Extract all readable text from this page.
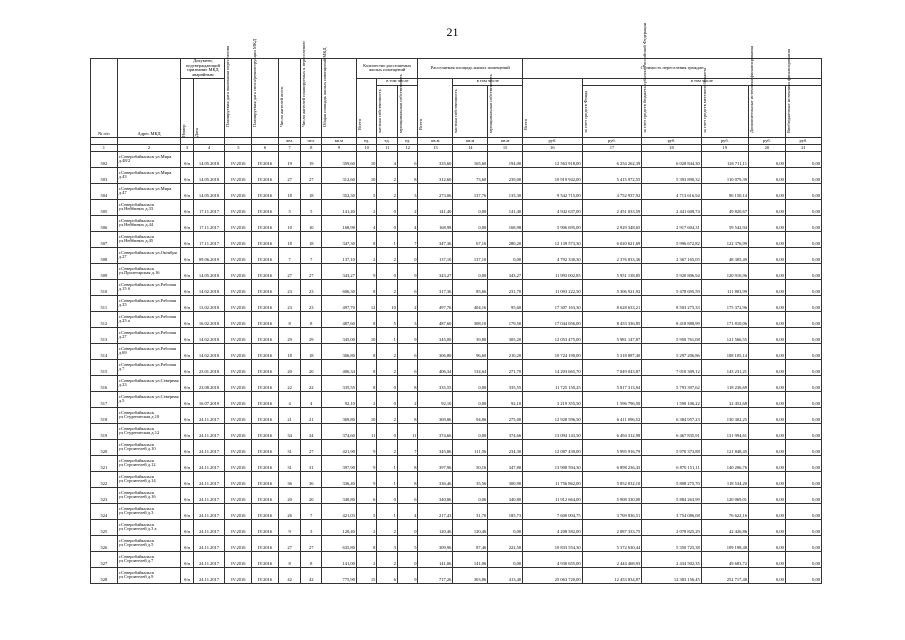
21
№ п/п	Адрес МКД	Документ, подтверждающий признание МКД аварийным		Планируемая дата окончания переселения	Планируемая дата сноса/реконструкции МКД	Число жителей всего	Число жителей планируемых к переселению	Общая площадь жилых помещений МКД	Количество расселяемых жилых помещений			Расселяемая площадь жилых помещений			Стоимость переселения граждан					

		Номер	Дата						Всего	в том числе		Всего	в том числе		Всего	в том числе				

										частная собственность	муниципальная собственность		частная собственность	муниципальная собственность		за счет средств Фонда	за счет средств бюджета субъекта Российской Федерации	за счет средств местного бюджета	Дополнительные источники финансирования	Внебюджетные источники финансирования

						чел.	чел.	кв.м	ед.	ед.	ед.	кв.м	кв.м	кв.м	руб.	руб.	руб.	руб.	руб.	руб.
1	2	3	4	5	6	7	8	9	10	11	12	13	14	15	16	17	18	19	20	21
502	г.Северобайкальск ул.Мира д.48/2	б/н	14.05.2018	IV.2016	IV.2016	19	19	359,60	10	4	6	335,60	165,60	194,00	12 563 918,00	6 254 262,39	6 028 844,30	126 711,11	0,00	0,00
503	г.Северобайкальск ул.Мира д.43	б/н	14.05.2018	IV.2016	IV.2016	27	27	312,60	10	2	8	312,60	73,60	239,00	10 919 942,00	5 415 972,55	5 393 890,32	110 079,39	0,00	0,00
504	г.Северобайкальск ул.Мира д.47	б/н	14.05.2018	IV.2016	IV.2016	18	18	352,30	5	2	3	273,06	137,76	135,30	9 542 715,00	4 752 937,92	4 713 616,94	96 150,14	0,00	0,00
505	г.Северобайкальск ул.Нейбиных д.33	б/н	17.11.2017	IV.2016	IV.2016	5	5	141,40	2	0	2	141,40	0,00	141,40	4 942 637,00	2 451 033,59	2 441 608,74	49 820,67	0,00	0,00
506	г.Северобайкальск ул.Нейбиных д.44	б/н	17.11.2017	IV.2016	IV.2016	10	10	168,98	4	0	4	168,98	0,00	168,98	5 906 695,00	2 929 348,65	2 917 604,31	59 542,94	0,00	0,00
507	г.Северобайкальск ул.Нейбиных д.45	б/н	17.11.2017	IV.2016	IV.2016	18	18	347,30	8	1	7	347,36	67,16	280,20	12 139 573,30	6 020 621,69	5 996 672,82	122 376,99	0,00	0,00
508	г.Северобайкальск ул.Октября д.27	б/н	09.06.2019	IV.2016	IV.2016	7	7	137,10	2	2	0	137,10	137,10	0,00	4 792 330,30	2 376 833,36	2 367 165,05	48 305,49	0,00	0,00
509	г.Северобайкальск ул.Пролетарская д.16	б/н	14.05.2018	IV.2016	IV.2016	27	27	343,27	9	0	9	343,27	0,00	343,27	11 993 002,85	5 951 138,85	5 920 806,94	120 916,96	0,00	0,00
510	г.Северобайкальск ул.Рабочая д.15 б	б/н	14.02.2018	IV.2016	IV.2016	23	23	606,30	8	2	6	317,36	85,66	231,70	11 093 222,50	5 306 921,92	5 478 695,59	111 803,99	0,00	0,00
511	г.Северобайкальск ул.Рабочая д.25	б/н	13.02.2018	IV.2016	IV.2016	23	23	497,70	12	10	2	497,76	404,16	95,60	17 307 163,30	8 628 633,21	8 503 275,33	175 372,96	0,00	0,00
512	г.Северобайкальск ул.Рабочая д.25 а	б/н	16.02.2018	IV.2016	IV.2016	8	8	487,60	8	5	3	487,60	308,10	179,50	17 044 056,00	8 453 336,85	8 418 888,99	171 810,06	0,00	0,00
513	г.Северобайкальск ул.Рабочая д.27	б/н	14.02.2018	IV.2016	IV.2016	29	29	345,00	10	1	9	345,00	39,80	305,20	12 053 475,00	5 981 147,87	5 950 761,08	121 566,55	0,00	0,00
514	г.Северобайкальск ул.Рабочая д.69	б/н	14.02.2018	IV.2016	IV.2016	18	18	306,80	8	2	6	306,80	96,60	210,20	10 724 190,00	5 318 887,40	5 297 206,86	108 105,14	0,00	0,00
515	г.Северобайкальск ул.Рабочая д.7	б/н	23.01.2018	IV.2016	IV.2016	20	20	406,34	8	2	6	406,34	134,64	271,70	14 203 665,70	7 049 043,87	7 010 309,12	143 231,21	0,00	0,00
516	г.Северобайкальск ул.Северная д.23	б/н	23.08.2018	IV.2016	IV.2016	22	22	335,55	8	0	8	335,55	0,00	335,55	11 725 150,25	5 817 313,94	5 793 397,62	118 236,69	0,00	0,00
517	г.Северобайкальск ул.Северная д.5	б/н	16.07.2019	IV.2016	IV.2016	4	4	92,10	2	0	2	92,10	0,00	92,10	3 219 355,50	1 596 796,50	1 590 106,22	32 452,68	0,00	0,00
518	г.Северобайкальск ул.Студенческая д.10	б/н	24.11.2017	IV.2016	IV.2016	21	21	369,80	10	2	8	369,86	94,86	275,00	12 928 596,50	6 411 096,52	6 384 957,23	130 302,25	0,00	0,00
519	г.Северобайкальск ул.Студенческая д.12	б/н	24.11.2017	IV.2016	IV.2016	34	34	374,60	11	0	11	374,66	0,00	374,66	13 094 143,50	6 494 312,98	6 467 835,91	131 994,61	0,00	0,00
520	г.Северобайкальск ул.Строителей д.10	б/н	24.11.2017	IV.2016	IV.2016	31	27	421,90	9	2	7	345,86	111,56	234,30	12 087 439,00	5 995 916,79	5 970 373,88	121 848,45	0,00	0,00
521	г.Северобайкальск ул.Строителей д.12	б/н	24.11.2017	IV.2016	IV.2016	31	31	397,90	9	1	8	397,96	50,16	347,80	13 908 594,30	6 898 236,43	6 870 151,11	140 206,76	0,00	0,00
522	г.Северобайкальск ул.Строителей д.14	б/н	24.11.2017	IV.2016	IV.2016	36	36	336,40	9	1	8	336,46	35,56	300,90	11 756 862,00	5 852 032,10	5 808 275,70	118 534,20	0,00	0,00
523	г.Северобайкальск ул.Строителей д.16	б/н	24.11.2017	IV.2016	IV.2016	20	20	340,80	6	0	6	340,86	0,06	340,80	11 912 664,00	5 908 330,00	5 884 263,99	120 069,01	0,00	0,00
524	г.Северобайкальск ул.Строителей д.3	б/н	24.11.2017	IV.2016	IV.2016	26	7	421,03	5	1	4	217,43	31,70	185,73	7 600 004,75	3 769 836,51	3 754 086,08	76 622,16	0,00	0,00
525	г.Северобайкальск ул.Строителей д.3 а	б/н	24.11.2017	IV.2016	IV.2016	9	3	120,40	2	2	0	120,46	120,46	0,00	4 208 582,00	2 087 333,75	2 078 825,29	42 426,86	0,00	0,00
526	г.Северобайкальск ул.Строителей д.5	б/н	24.11.2017	IV.2016	IV.2016	27	27	635,80	8	3	5	309,96	87,46	222,50	10 833 554,30	5 372 630,44	5 350 725,38	109 198,48	0,00	0,00
527	г.Северобайкальск ул.Строителей д.7	б/н	24.11.2017	IV.2016	IV.2016	8	8	141,00	2	2	0	141,06	141,06	0,00	4 930 655,00	2 444 468,93	2 434 502,35	49 683,72	0,00	0,00
528	г.Северобайкальск ул.Строителей д.9	б/н	24.11.2017	IV.2016	IV.2016	42	42	775,90	15	6	9	717,26	303,86	413,40	25 063 720,00	12 453 834,87	12 383 156,45	252 717,48	0,00	0,00
